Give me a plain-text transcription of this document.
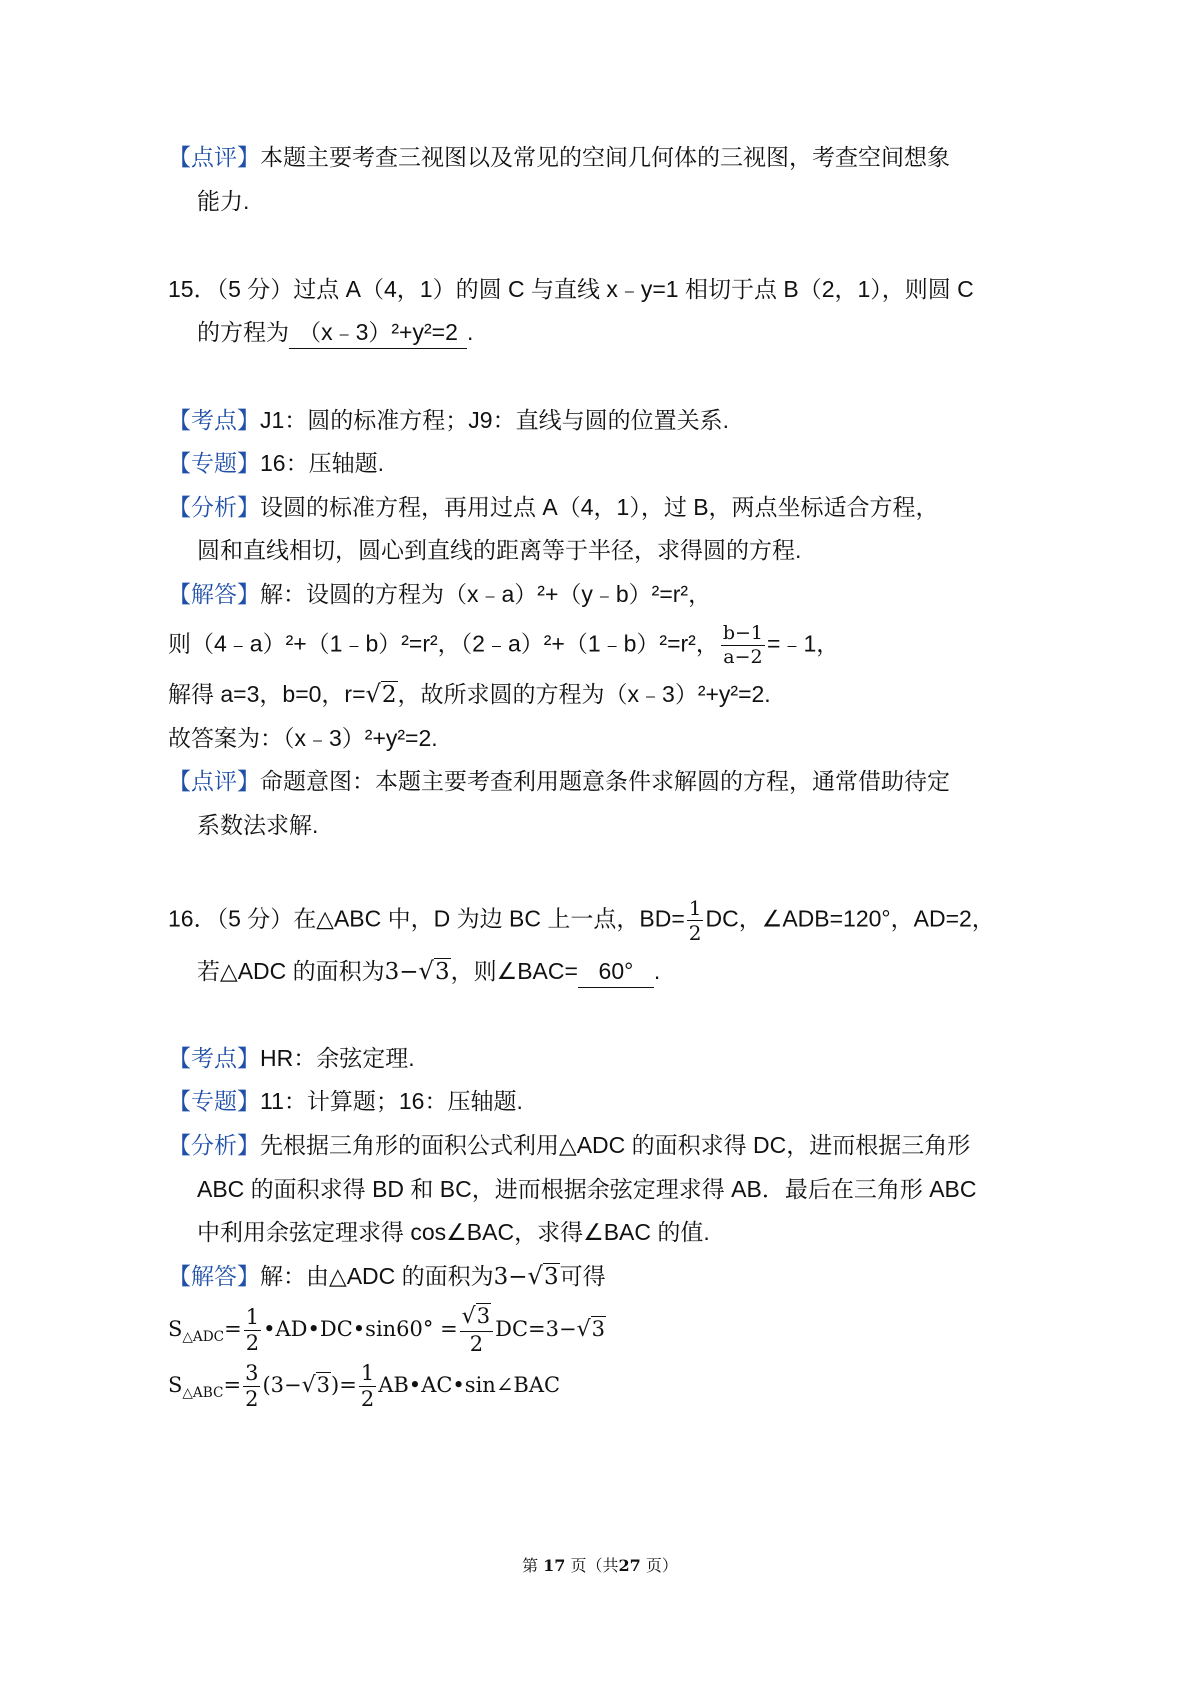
【点评】本题主要考查三视图以及常见的空间几何体的三视图，考查空间想象
能力.
15．（5 分）过点 A（4，1）的圆 C 与直线 x﹣y=1 相切于点 B（2，1），则圆 C
的方程为 （x﹣3）²+y²=2 .
【考点】J1：圆的标准方程；J9：直线与圆的位置关系.
【专题】16：压轴题.
【分析】设圆的标准方程，再用过点 A（4，1），过 B，两点坐标适合方程，
圆和直线相切，圆心到直线的距离等于半径，求得圆的方程.
【解答】解：设圆的方程为（x﹣a）²+（y﹣b）²=r²，
则（4﹣a）²+（1﹣b）²=r²，（2﹣a）²+（1﹣b）²=r²， $\frac{b-1}{a-2}$ =﹣1，
解得 a=3，b=0，r=√2，故所求圆的方程为（x﹣3）²+y²=2.
故答案为：（x﹣3）²+y²=2.
【点评】命题意图：本题主要考查利用题意条件求解圆的方程，通常借助待定
系数法求解.
16．（5 分）在△ABC 中，D 为边 BC 上一点，$BD= \frac{1}{2}$ DC，∠ADB=120°，AD=2，
若△ADC 的面积为3−√3，则∠BAC= 60° .
【考点】HR：余弦定理.
【专题】11：计算题；16：压轴题.
【分析】先根据三角形的面积公式利用△ADC 的面积求得 DC，进而根据三角形
ABC 的面积求得 BD 和 BC，进而根据余弦定理求得 AB．最后在三角形 ABC
中利用余弦定理求得 cos∠BAC，求得∠BAC 的值.
【解答】解：由△ADC 的面积为3−√3可得
$S_{\triangle ADC}= \frac{1}{2}$ •AD•DC•sin60° = $\frac{√3}{2} DC=3-√3$
$S_{\triangle ABC}= \frac{3}{2} (3-√3)= \frac{1}{2}$ AB•AC•sin∠BAC
第 17 页（共27 页）
